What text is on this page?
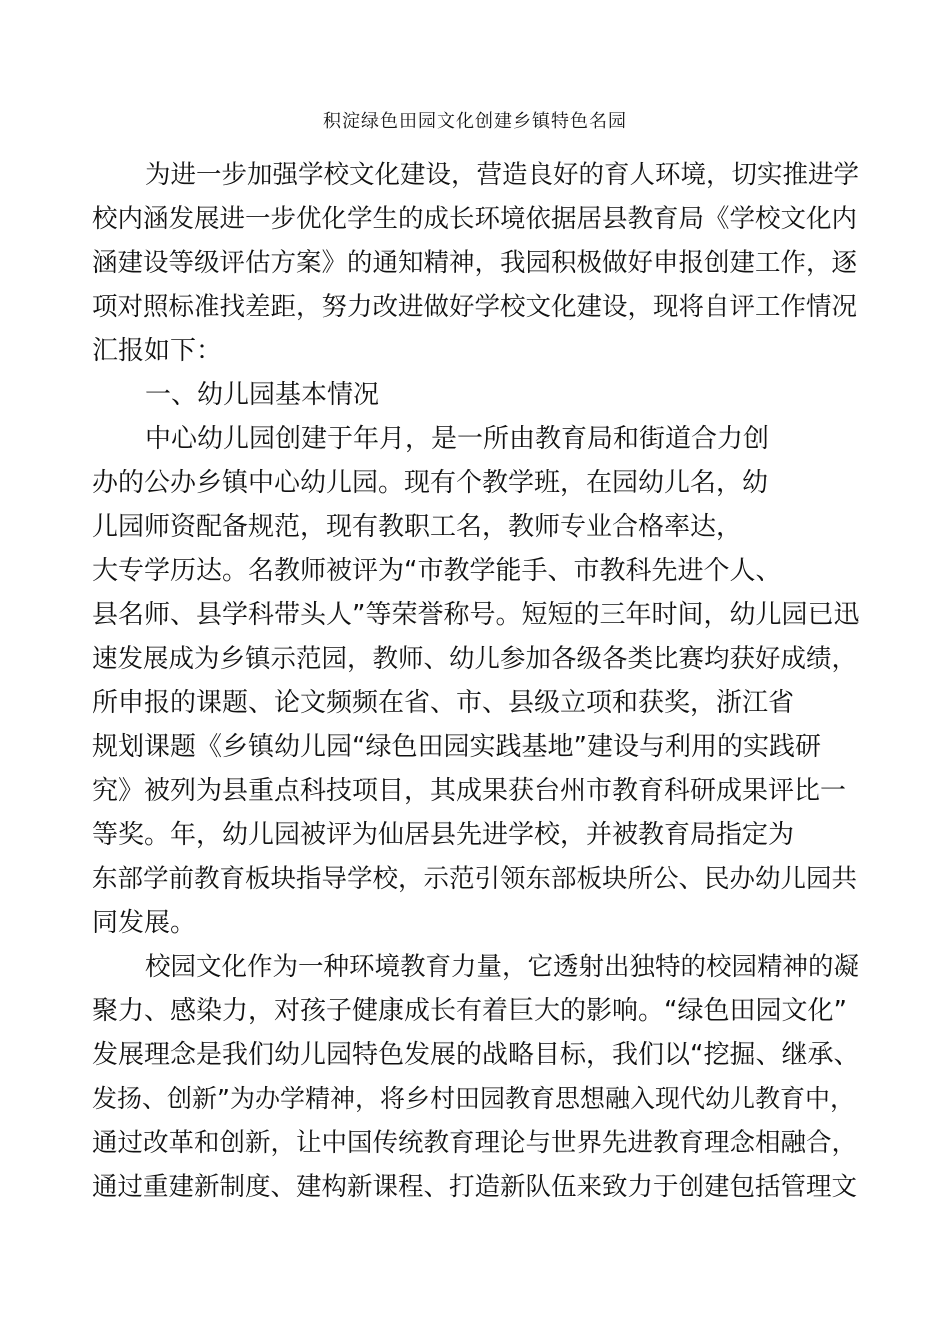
积淀绿色田园文化创建乡镇特色名园
为进一步加强学校文化建设，营造良好的育人环境，切实推进学
校内涵发展进一步优化学生的成长环境依据居县教育局《学校文化内
涵建设等级评估方案》的通知精神，我园积极做好申报创建工作，逐
项对照标准找差距，努力改进做好学校文化建设，现将自评工作情况
汇报如下：
一、幼儿园基本情况
中心幼儿园创建于年月，是一所由教育局和街道合力创
办的公办乡镇中心幼儿园。现有个教学班，在园幼儿名，幼
儿园师资配备规范，现有教职工名，教师专业合格率达，
大专学历达。名教师被评为“市教学能手、市教科先进个人、
县名师、县学科带头人”等荣誉称号。短短的三年时间，幼儿园已迅
速发展成为乡镇示范园，教师、幼儿参加各级各类比赛均获好成绩，
所申报的课题、论文频频在省、市、县级立项和获奖，浙江省
规划课题《乡镇幼儿园“绿色田园实践基地”建设与利用的实践研
究》被列为县重点科技项目，其成果获台州市教育科研成果评比一
等奖。年，幼儿园被评为仙居县先进学校，并被教育局指定为
东部学前教育板块指导学校，示范引领东部板块所公、民办幼儿园共
同发展。
校园文化作为一种环境教育力量，它透射出独特的校园精神的凝
聚力、感染力，对孩子健康成长有着巨大的影响。“绿色田园文化”
发展理念是我们幼儿园特色发展的战略目标，我们以“挖掘、继承、
发扬、创新”为办学精神，将乡村田园教育思想融入现代幼儿教育中，
通过改革和创新，让中国传统教育理论与世界先进教育理念相融合，
通过重建新制度、建构新课程、打造新队伍来致力于创建包括管理文
